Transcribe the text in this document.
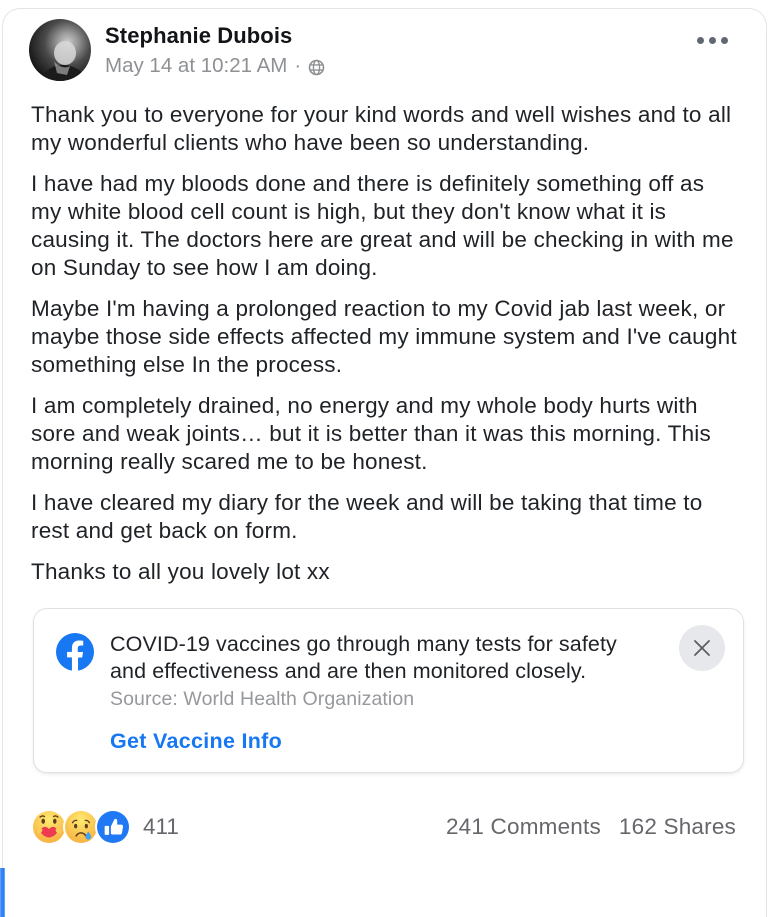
Stephanie Dubois
May 14 at 10:21 AM ·

Thank you to everyone for your kind words and well wishes and to all my wonderful clients who have been so understanding.

I have had my bloods done and there is definitely something off as my white blood cell count is high, but they don't know what it is causing it. The doctors here are great and will be checking in with me on Sunday to see how I am doing.

Maybe I'm having a prolonged reaction to my Covid jab last week, or maybe those side effects affected my immune system and I've caught something else In the process.

I am completely drained, no energy and my whole body hurts with sore and weak joints… but it is better than it was this morning. This morning really scared me to be honest.

I have cleared my diary for the week and will be taking that time to rest and get back on form.

Thanks to all you lovely lot xx

COVID-19 vaccines go through many tests for safety and effectiveness and are then monitored closely.
Source: World Health Organization
Get Vaccine Info
411	241 Comments 162 Shares
